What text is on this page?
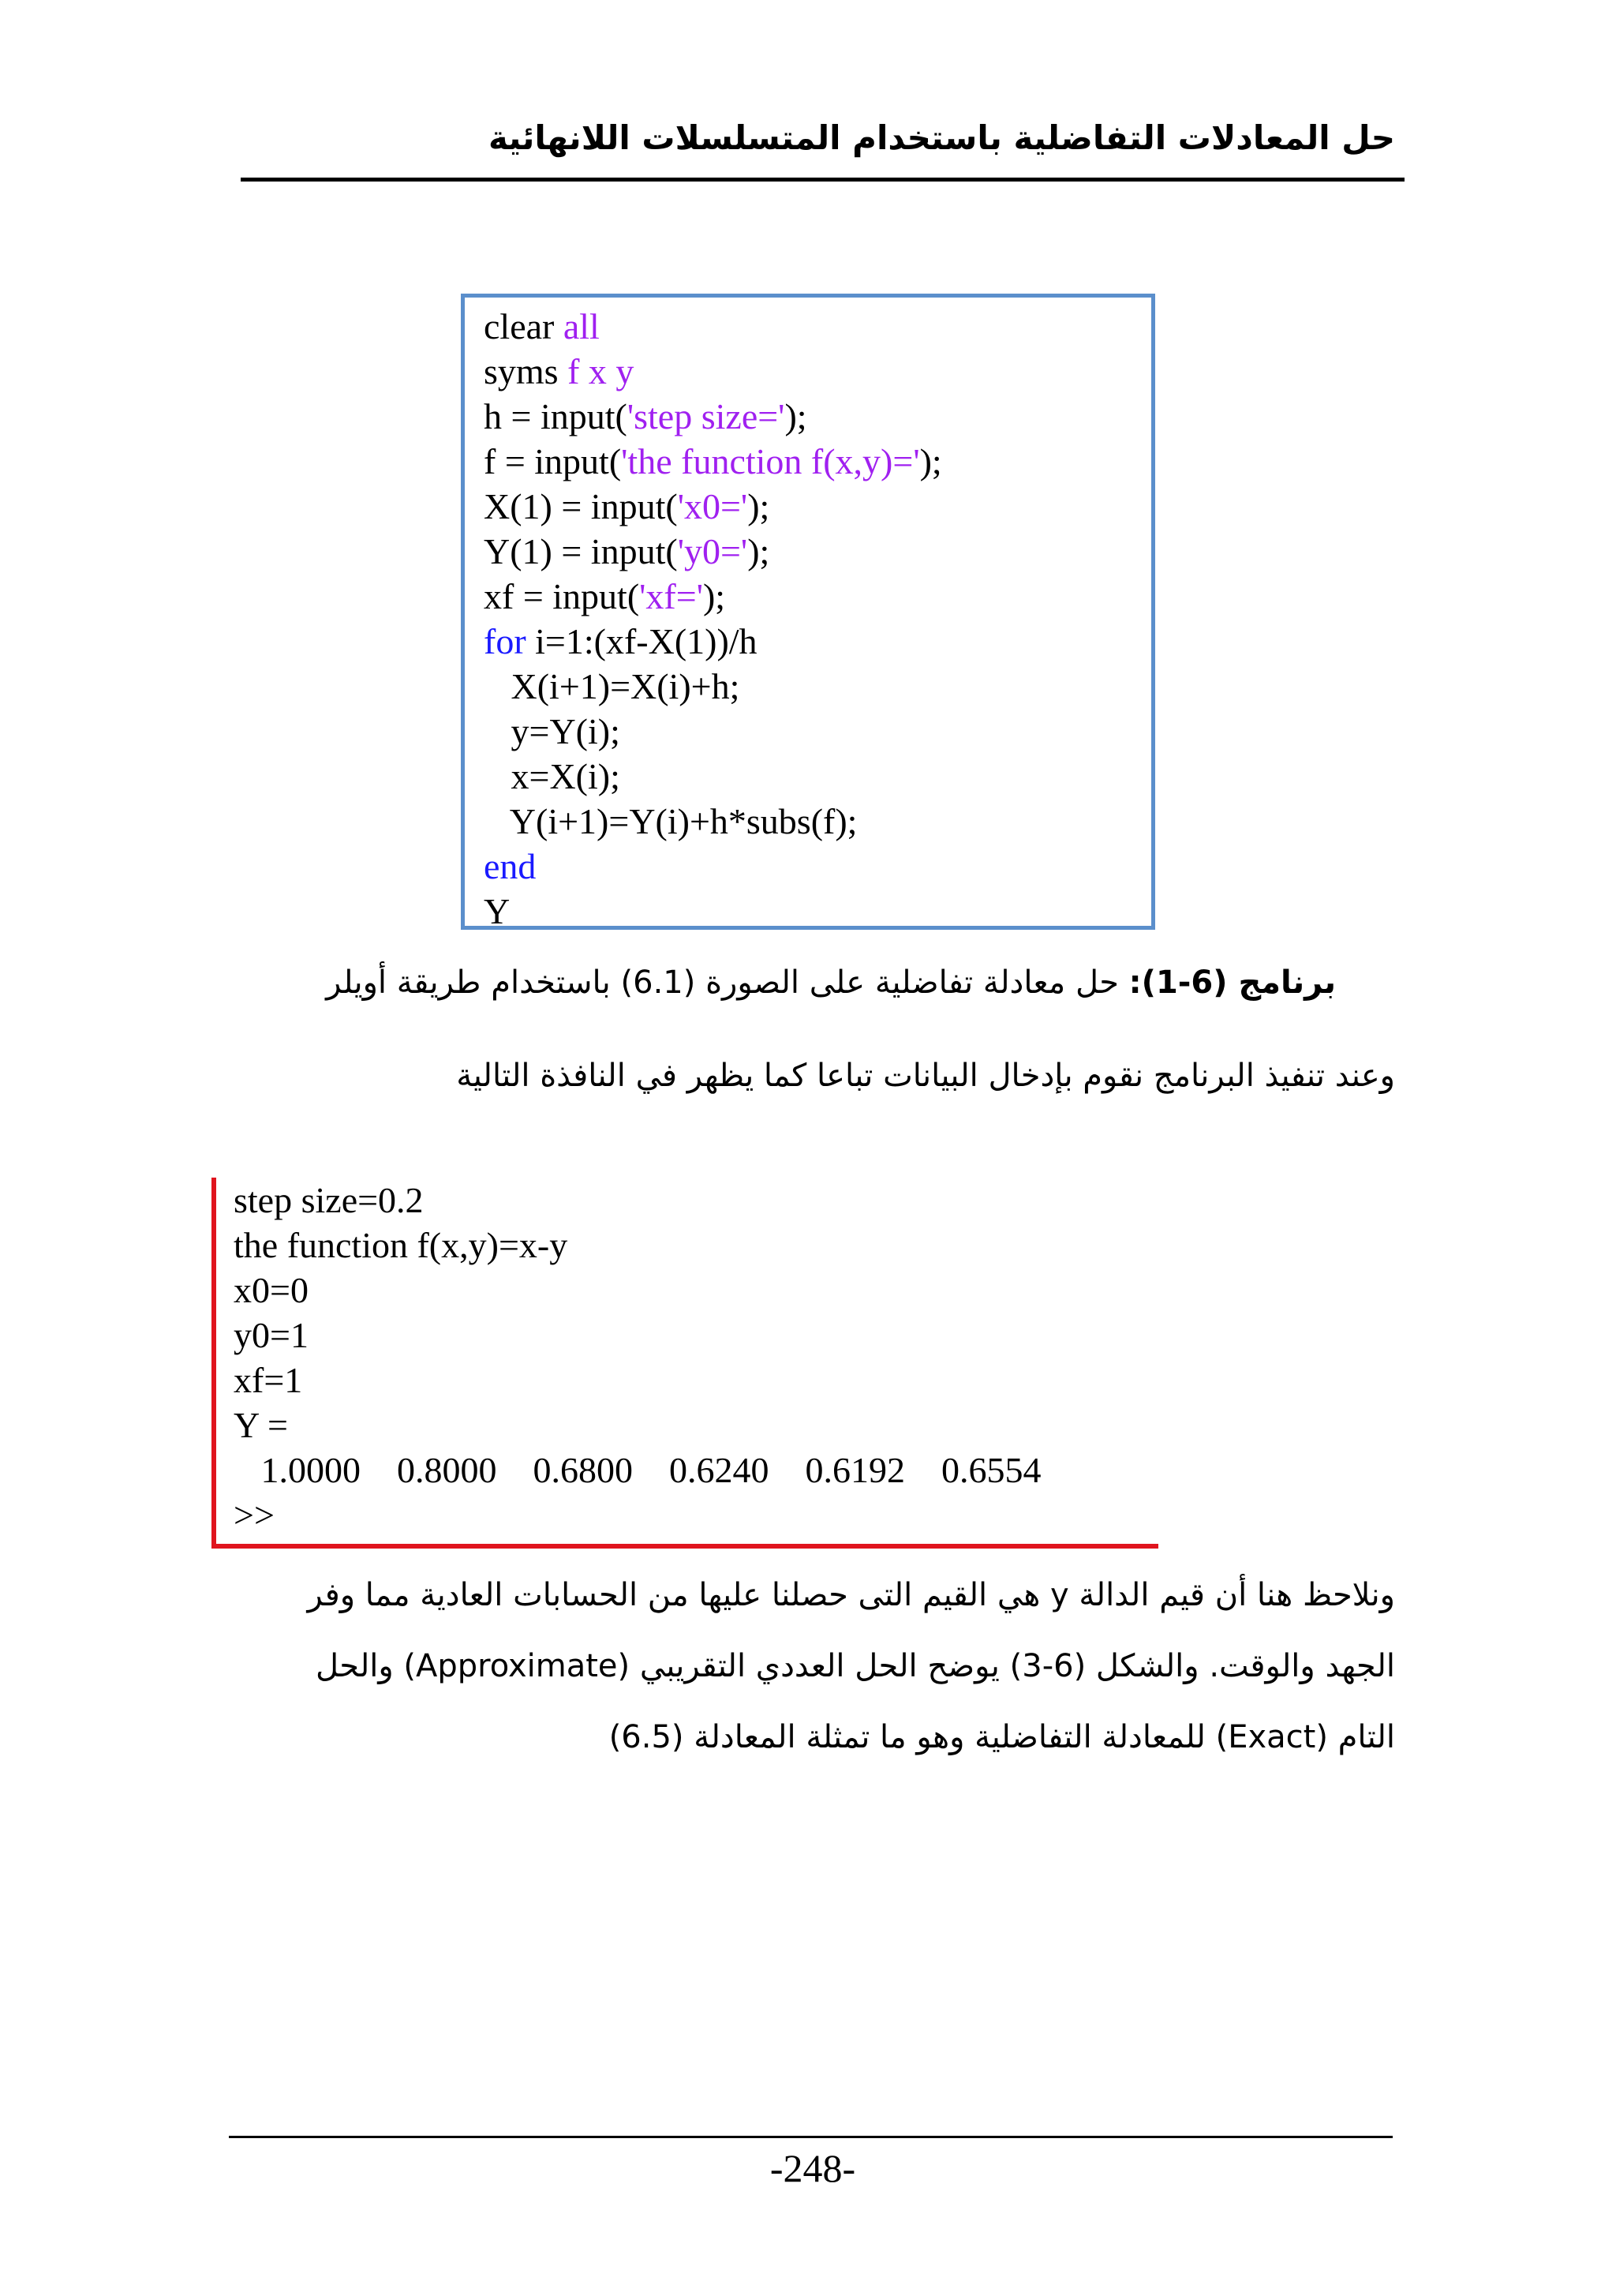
حل المعادلات التفاضلية باستخدام المتسلسلات اللانهائية
clear all
syms f x y
h = input('step size=');
f = input('the function f(x,y)=');
X(1) = input('x0=');
Y(1) = input('y0=');
xf = input('xf=');
for i=1:(xf-X(1))/h
X(i+1)=X(i)+h;
y=Y(i);
x=X(i);
Y(i+1)=Y(i)+h*subs(f);
end
Y
برنامج (6-1): حل معادلة تفاضلية على الصورة (6.1) باستخدام طريقة أويلر
وعند تنفيذ البرنامج نقوم بإدخال البيانات تباعا كما يظهر في النافذة التالية
step size=0.2
the function f(x,y)=x-y
x0=0
y0=1
xf=1
Y =
1.0000    0.8000    0.6800    0.6240    0.6192    0.6554
>>
ونلاحظ هنا أن قيم الدالة y هي القيم التى حصلنا عليها من الحسابات العادية مما وفر
الجهد والوقت. والشكل (6-3) يوضح الحل العددي التقريبي (Approximate) والحل
التام (Exact) للمعادلة التفاضلية وهو ما تمثلة المعادلة (6.5)
-248-
